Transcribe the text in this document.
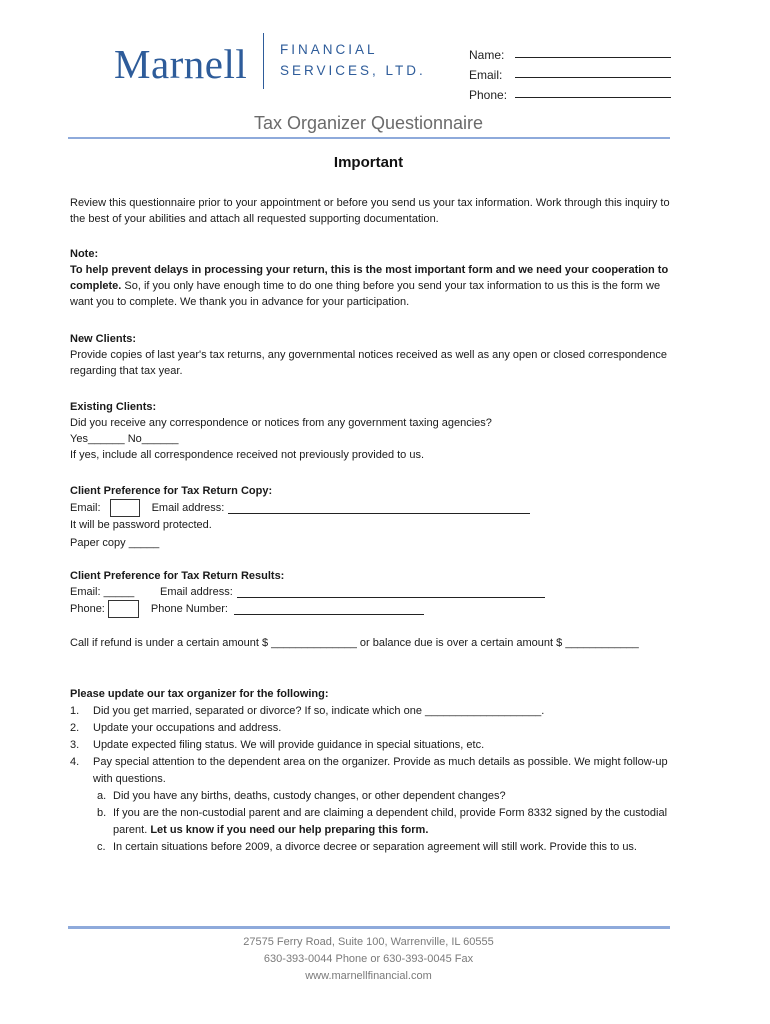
Marnell FINANCIAL
SERVICES, LTD.
Name:
Email:
Phone:
Tax Organizer Questionnaire
Important
Review this questionnaire prior to your appointment or before you send us your tax information. Work through this inquiry to the best of your abilities and attach all requested supporting documentation.
Note:
To help prevent delays in processing your return, this is the most important form and we need your cooperation to complete. So, if you only have enough time to do one thing before you send your tax information to us this is the form we want you to complete. We thank you in advance for your participation.
New Clients:
Provide copies of last year's tax returns, any governmental notices received as well as any open or closed correspondence regarding that tax year.
Existing Clients:
Did you receive any correspondence or notices from any government taxing agencies?
Yes______ No______
If yes, include all correspondence received not previously provided to us.
Client Preference for Tax Return Copy:
Email:	Email address:
It will be password protected.
Paper copy _____
Client Preference for Tax Return Results:
Email: _____	Email address:
Phone:	Phone Number:
Call if refund is under a certain amount $ ______________ or balance due is over a certain amount $ ____________
Please update our tax organizer for the following:
1.	Did you get married, separated or divorce? If so, indicate which one ___________________.
2.	Update your occupations and address.
3.	Update expected filing status. We will provide guidance in special situations, etc.
4.	Pay special attention to the dependent area on the organizer. Provide as much details as possible. We might follow-up with questions.
a. Did you have any births, deaths, custody changes, or other dependent changes?
b. If you are the non-custodial parent and are claiming a dependent child, provide Form 8332 signed by the custodial parent. Let us know if you need our help preparing this form.
c. In certain situations before 2009, a divorce decree or separation agreement will still work. Provide this to us.
27575 Ferry Road, Suite 100, Warrenville, IL 60555
630-393-0044 Phone or 630-393-0045 Fax
www.marnellfinancial.com
